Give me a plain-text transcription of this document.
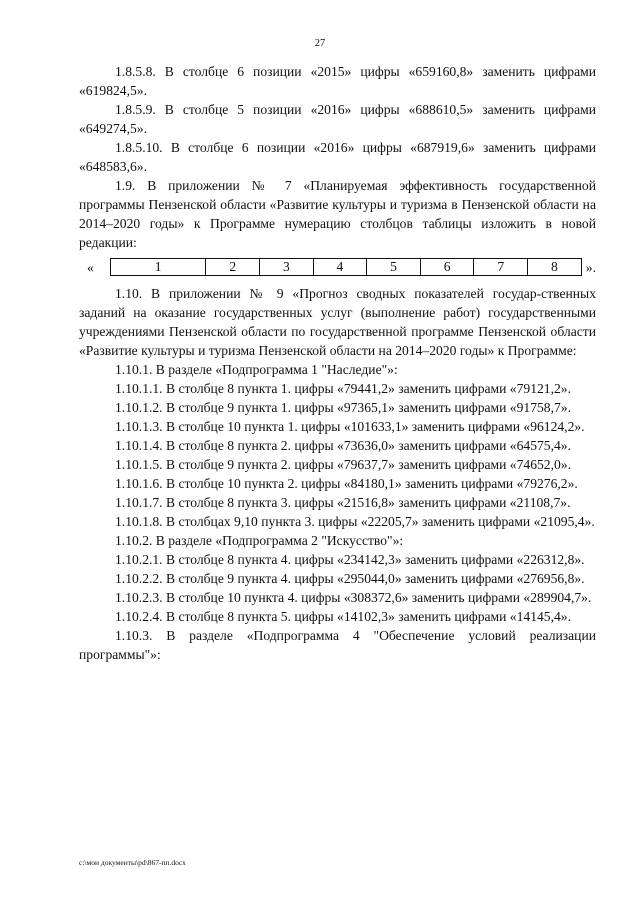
27

1.8.5.8. В столбце 6 позиции «2015» цифры «659160,8» заменить цифрами «619824,5».

1.8.5.9. В столбце 5 позиции «2016» цифры «688610,5» заменить цифрами «649274,5».

1.8.5.10. В столбце 6 позиции «2016» цифры «687919,6» заменить цифрами «648583,6».

1.9. В приложении № 7 «Планируемая эффективность государственной программы Пензенской области «Развитие культуры и туризма в Пензенской области на 2014–2020 годы» к Программе нумерацию столбцов таблицы изложить в новой редакции:

«	1	2	3	4	5	6	7	8 ».

1.10. В приложении № 9 «Прогноз сводных показателей государ-ственных заданий на оказание государственных услуг (выполнение работ) государственными учреждениями Пензенской области по государственной программе Пензенской области «Развитие культуры и туризма Пензенской области на 2014–2020 годы» к Программе:

1.10.1. В разделе «Подпрограмма 1 "Наследие"»:

1.10.1.1. В столбце 8 пункта 1. цифры «79441,2» заменить цифрами «79121,2».

1.10.1.2. В столбце 9 пункта 1. цифры «97365,1» заменить цифрами «91758,7».

1.10.1.3. В столбце 10 пункта 1. цифры «101633,1» заменить цифрами «96124,2».

1.10.1.4. В столбце 8 пункта 2. цифры «73636,0» заменить цифрами «64575,4».

1.10.1.5. В столбце 9 пункта 2. цифры «79637,7» заменить цифрами «74652,0».

1.10.1.6. В столбце 10 пункта 2. цифры «84180,1» заменить цифрами «79276,2».

1.10.1.7. В столбце 8 пункта 3. цифры «21516,8» заменить цифрами «21108,7».

1.10.1.8. В столбцах 9,10 пункта 3. цифры «22205,7» заменить цифрами «21095,4».

1.10.2. В разделе «Подпрограмма 2 "Искусство"»:

1.10.2.1. В столбце 8 пункта 4. цифры «234142,3» заменить цифрами «226312,8».

1.10.2.2. В столбце 9 пункта 4. цифры «295044,0» заменить цифрами «276956,8».

1.10.2.3. В столбце 10 пункта 4. цифры «308372,6» заменить цифрами «289904,7».

1.10.2.4. В столбце 8 пункта 5. цифры «14102,3» заменить цифрами «14145,4».

1.10.3. В разделе «Подпрограмма 4 "Обеспечение условий реализации программы"»:

c:\мои документы\pd\867-пп.docx
